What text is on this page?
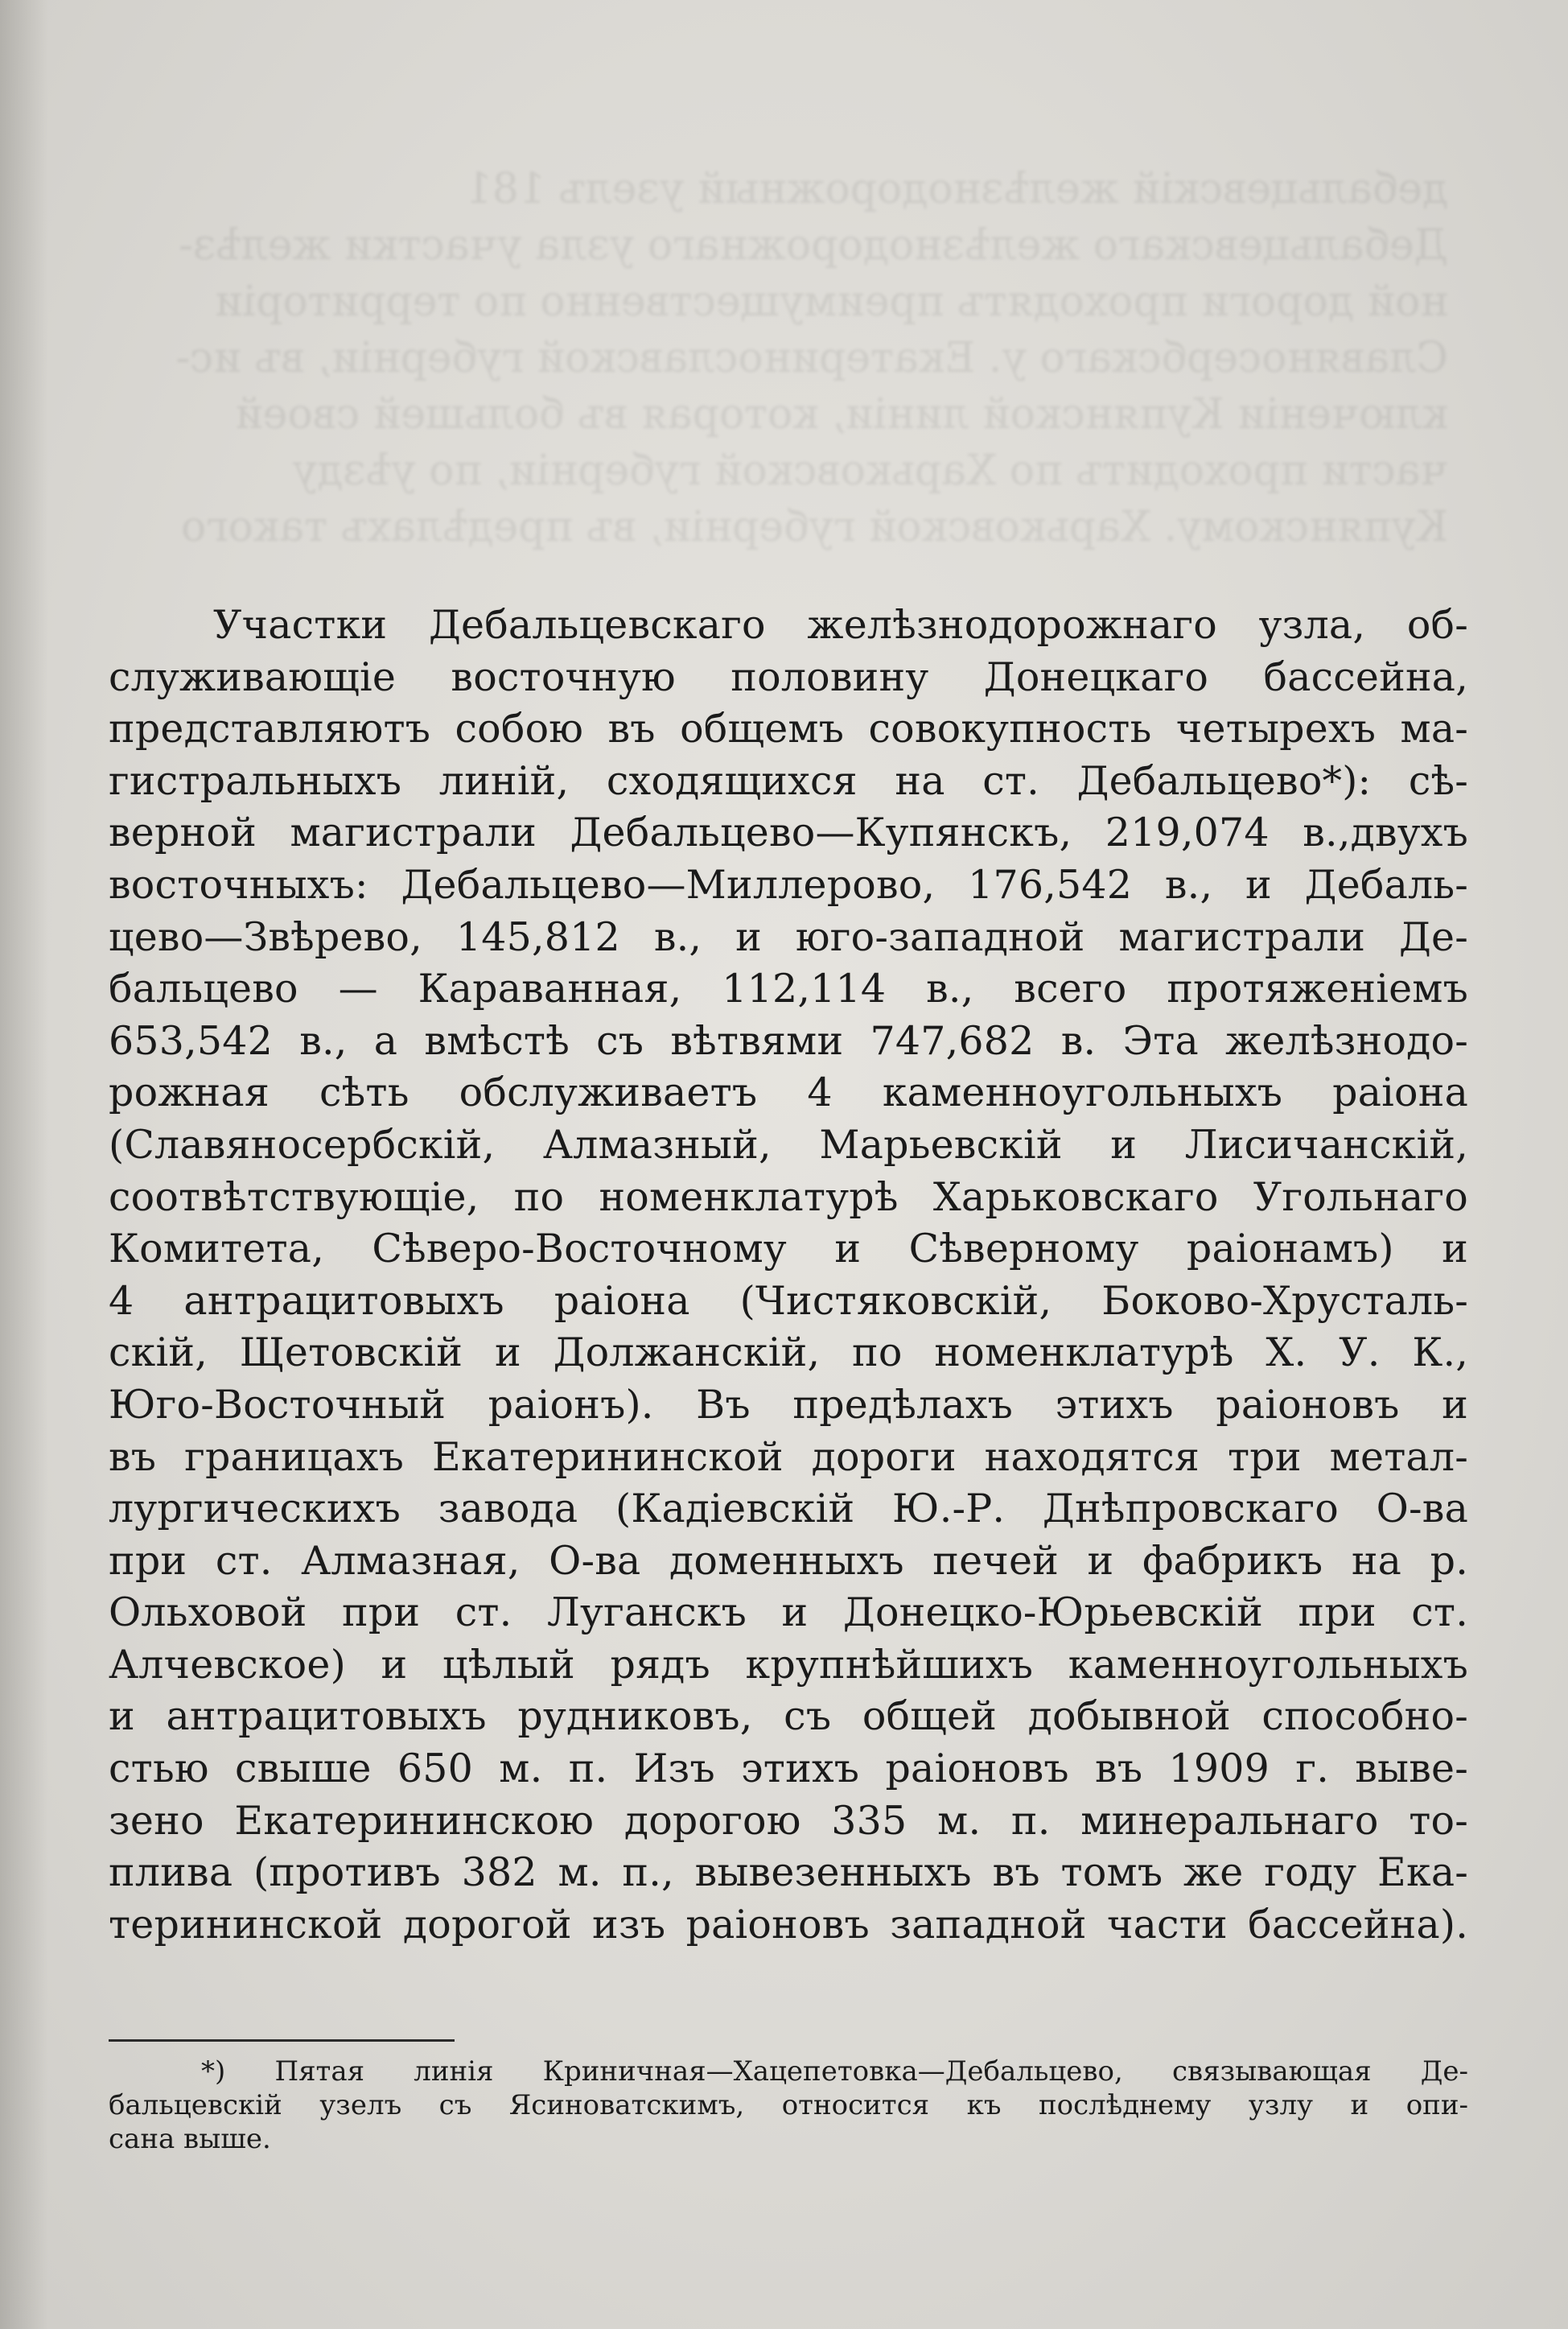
дебальцевскій желѣзнодорожный узелъ 181
Дебальцевскаго желѣзнодорожнаго узла участки желѣз-
ной дороги проходятъ преимущественно по территоріи
Славяносербскаго у. Екатеринославской губерніи, въ ис-
ключеніи Купянской линіи, которая въ большей своей
части проходитъ по Харьковской губерніи, по уѣзду
Купянскому. Харьковской губерніи, въ предѣлахъ такого
Участки Дебальцевскаго желѣзнодорожнаго узла, об-
служивающіе восточную половину Донецкаго бассейна,
представляютъ собою въ общемъ совокупность четырехъ ма-
гистральныхъ линій, сходящихся на ст. Дебальцево*): сѣ-
верной магистрали Дебальцево—Купянскъ, 219,074 в.,двухъ
восточныхъ: Дебальцево—Миллерово, 176,542 в., и Дебаль-
цево—Звѣрево, 145,812 в., и юго-западной магистрали Де-
бальцево — Караванная, 112,114 в., всего протяженіемъ
653,542 в., а вмѣстѣ съ вѣтвями 747,682 в. Эта желѣзнодо-
рожная сѣть обслуживаетъ 4 каменноугольныхъ раіона
(Славяносербскій, Алмазный, Марьевскій и Лисичанскій,
соотвѣтствующіе, по номенклатурѣ Харьковскаго Угольнаго
Комитета, Сѣверо-Восточному и Сѣверному раіонамъ) и
4 антрацитовыхъ раіона (Чистяковскій, Боково-Хрусталь-
скій, Щетовскій и Должанскій, по номенклатурѣ Х. У. К.,
Юго-Восточный раіонъ). Въ предѣлахъ этихъ раіоновъ и
въ границахъ Екатерининской дороги находятся три метал-
лургическихъ завода (Кадіевскій Ю.-Р. Днѣпровскаго О-ва
при ст. Алмазная, О-ва доменныхъ печей и фабрикъ на р.
Ольховой при ст. Луганскъ и Донецко-Юрьевскій при ст.
Алчевское) и цѣлый рядъ крупнѣйшихъ каменноугольныхъ
и антрацитовыхъ рудниковъ, съ общей добывной способно-
стью свыше 650 м. п. Изъ этихъ раіоновъ въ 1909 г. выве-
зено Екатерининскою дорогою 335 м. п. минеральнаго то-
плива (противъ 382 м. п., вывезенныхъ въ томъ же году Ека-
терининской дорогой изъ раіоновъ западной части бассейна).
*) Пятая линія Криничная—Хацепетовка—Дебальцево, связывающая Де-
бальцевскій узелъ съ Ясиноватскимъ, относится къ послѣднему узлу и опи-
сана выше.
